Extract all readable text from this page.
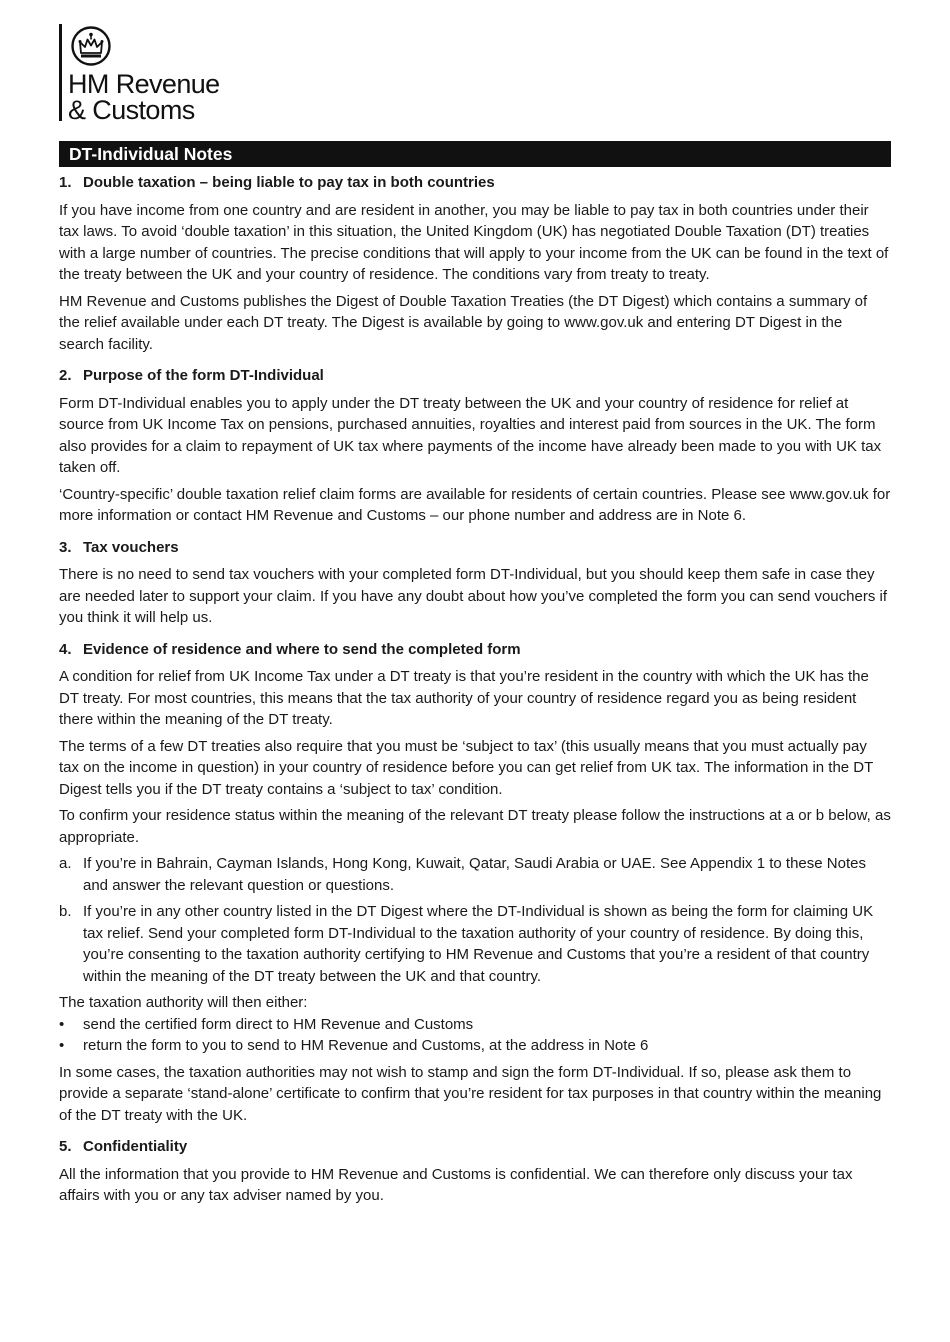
HM Revenue
& Customs
DT-Individual Notes
1. Double taxation – being liable to pay tax in both countries

If you have income from one country and are resident in another, you may be liable to pay tax in both countries under their tax laws. To avoid ‘double taxation’ in this situation, the United Kingdom (UK) has negotiated Double Taxation (DT) treaties with a large number of countries. The precise conditions that will apply to your income from the UK can be found in the text of the treaty between the UK and your country of residence. The conditions vary from treaty to treaty.

HM Revenue and Customs publishes the Digest of Double Taxation Treaties (the DT Digest) which contains a summary of the relief available under each DT treaty. The Digest is available by going to www.gov.uk and entering DT Digest in the search facility.

2. Purpose of the form DT-Individual

Form DT-Individual enables you to apply under the DT treaty between the UK and your country of residence for relief at source from UK Income Tax on pensions, purchased annuities, royalties and interest paid from sources in the UK. The form also provides for a claim to repayment of UK tax where payments of the income have already been made to you with UK tax taken off.

‘Country-specific’ double taxation relief claim forms are available for residents of certain countries. Please see www.gov.uk for more information or contact HM Revenue and Customs – our phone number and address are in Note 6.

3. Tax vouchers

There is no need to send tax vouchers with your completed form DT-Individual, but you should keep them safe in case they are needed later to support your claim. If you have any doubt about how you’ve completed the form you can send vouchers if you think it will help us.

4. Evidence of residence and where to send the completed form

A condition for relief from UK Income Tax under a DT treaty is that you’re resident in the country with which the UK has the DT treaty. For most countries, this means that the tax authority of your country of residence regard you as being resident there within the meaning of the DT treaty.

The terms of a few DT treaties also require that you must be ‘subject to tax’ (this usually means that you must actually pay tax on the income in question) in your country of residence before you can get relief from UK tax. The information in the DT Digest tells you if the DT treaty contains a ‘subject to tax’ condition.

To confirm your residence status within the meaning of the relevant DT treaty please follow the instructions at a or b below, as appropriate.

a. If you’re in Bahrain, Cayman Islands, Hong Kong, Kuwait, Qatar, Saudi Arabia or UAE. See Appendix 1 to these Notes and answer the relevant question or questions.
b. If you’re in any other country listed in the DT Digest where the DT-Individual is shown as being the form for claiming UK tax relief. Send your completed form DT-Individual to the taxation authority of your country of residence. By doing this, you’re consenting to the taxation authority certifying to HM Revenue and Customs that you’re a resident of that country within the meaning of the DT treaty between the UK and that country.

The taxation authority will then either:

•	send the certified form direct to HM Revenue and Customs
•	return the form to you to send to HM Revenue and Customs, at the address in Note 6

In some cases, the taxation authorities may not wish to stamp and sign the form DT-Individual. If so, please ask them to provide a separate ‘stand-alone’ certificate to confirm that you’re resident for tax purposes in that country within the meaning of the DT treaty with the UK.

5. Confidentiality

All the information that you provide to HM Revenue and Customs is confidential. We can therefore only discuss your tax affairs with you or any tax adviser named by you.
